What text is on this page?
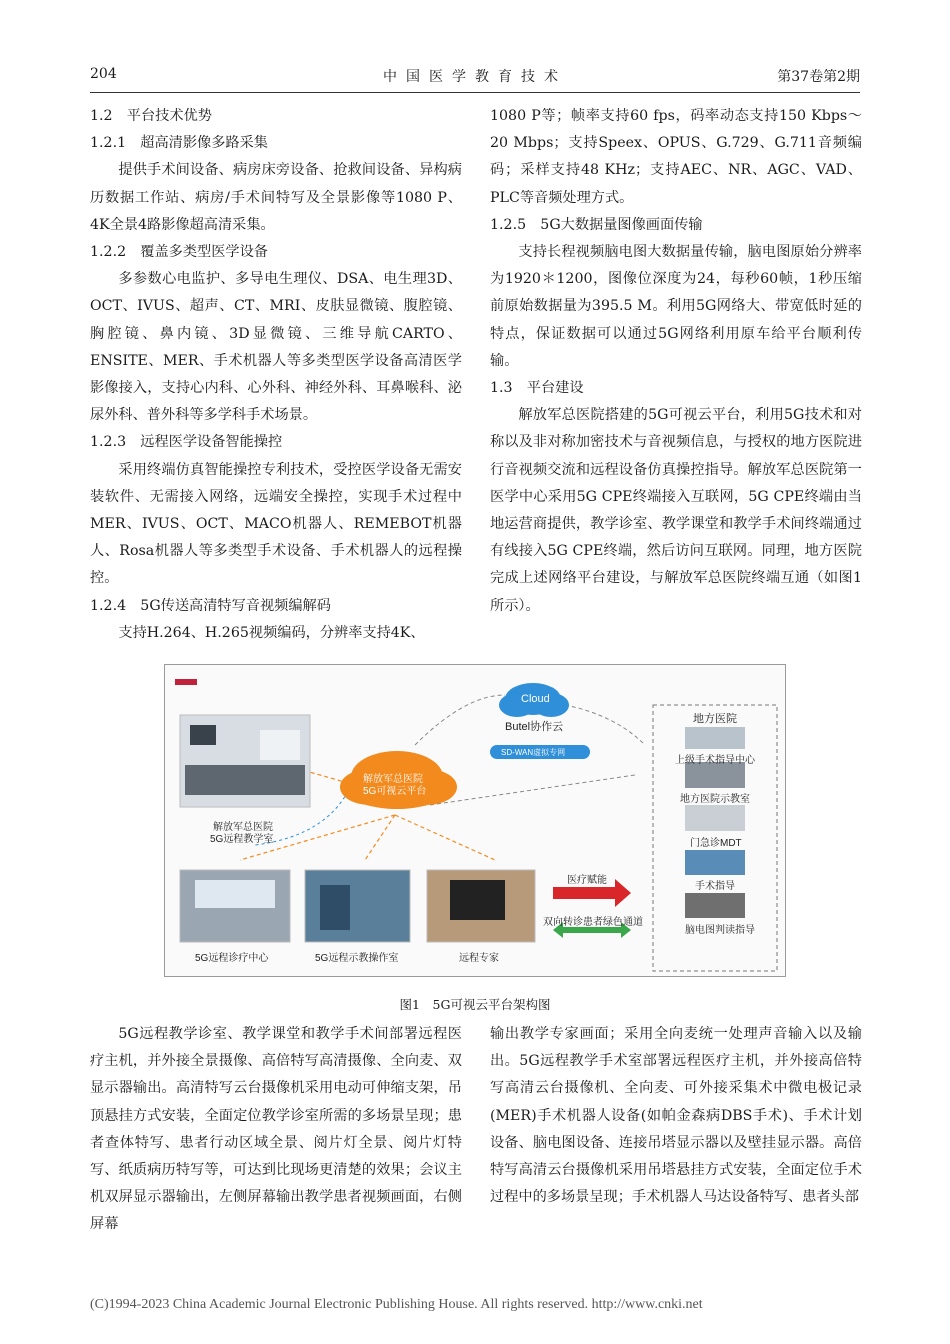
204	中国医学教育技术	第37卷第2期
1.2　平台技术优势
1.2.1　超高清影像多路采集
提供手术间设备、病房床旁设备、抢救间设备、异构病历数据工作站、病房/手术间特写及全景影像等1080 P、4K全景4路影像超高清采集。
1.2.2　覆盖多类型医学设备
多参数心电监护、多导电生理仪、DSA、电生理3D、OCT、IVUS、超声、CT、MRI、皮肤显微镜、腹腔镜、胸腔镜、鼻内镜、3D显微镜、三维导航CARTO、ENSITE、MER、手术机器人等多类型医学设备高清医学影像接入，支持心内科、心外科、神经外科、耳鼻喉科、泌尿外科、普外科等多学科手术场景。
1.2.3　远程医学设备智能操控
采用终端仿真智能操控专利技术，受控医学设备无需安装软件、无需接入网络，远端安全操控，实现手术过程中MER、IVUS、OCT、MACO机器人、REMEBOT机器人、Rosa机器人等多类型手术设备、手术机器人的远程操控。
1.2.4　5G传送高清特写音视频编解码
支持H.264、H.265视频编码，分辨率支持4K、
1080 P等；帧率支持60 fps，码率动态支持150 Kbps～20 Mbps；支持Speex、OPUS、G.729、G.711音频编码；采样支持48 KHz；支持AEC、NR、AGC、VAD、PLC等音频处理方式。
1.2.5　5G大数据量图像画面传输
支持长程视频脑电图大数据量传输，脑电图原始分辨率为1920＊1200，图像位深度为24，每秒60帧，1秒压缩前原始数据量为395.5 M。利用5G网络大、带宽低时延的特点，保证数据可以通过5G网络利用原车给平台顺利传输。
1.3　平台建设
解放军总医院搭建的5G可视云平台，利用5G技术和对称以及非对称加密技术与音视频信息，与授权的地方医院进行音视频交流和远程设备仿真操控指导。解放军总医院第一医学中心采用5G CPE终端接入互联网，5G CPE终端由当地运营商提供，教学诊室、教学课堂和教学手术间终端通过有线接入5G CPE终端，然后访问互联网。同理，地方医院完成上述网络平台建设，与解放军总医院终端互通（如图1所示）。
Cloud
Butel协作云
SD-WAN虚拟专网
解放军总医院
5G可视云平台
解放军总医院
5G远程教学室
5G远程诊疗中心	5G远程示教操作室	远程专家
医疗赋能
双向转诊患者绿色通道
地方医院
上级手术指导中心
地方医院示教室
门急诊MDT
手术指导
脑电图判读指导
图1　5G可视云平台架构图
5G远程教学诊室、教学课堂和教学手术间部署远程医疗主机，并外接全景摄像、高倍特写高清摄像、全向麦、双显示器输出。高清特写云台摄像机采用电动可伸缩支架，吊顶悬挂方式安装，全面定位教学诊室所需的多场景呈现；患者查体特写、患者行动区域全景、阅片灯全景、阅片灯特写、纸质病历特写等，可达到比现场更清楚的效果；会议主机双屏显示器输出，左侧屏幕输出教学患者视频画面，右侧屏幕
输出教学专家画面；采用全向麦统一处理声音输入以及输出。5G远程教学手术室部署远程医疗主机，并外接高倍特写高清云台摄像机、全向麦、可外接采集术中微电极记录(MER)手术机器人设备(如帕金森病DBS手术)、手术计划设备、脑电图设备、连接吊塔显示器以及壁挂显示器。高倍特写高清云台摄像机采用吊塔悬挂方式安装，全面定位手术过程中的多场景呈现；手术机器人马达设备特写、患者头部
(C)1994-2023 China Academic Journal Electronic Publishing House. All rights reserved. http://www.cnki.net
